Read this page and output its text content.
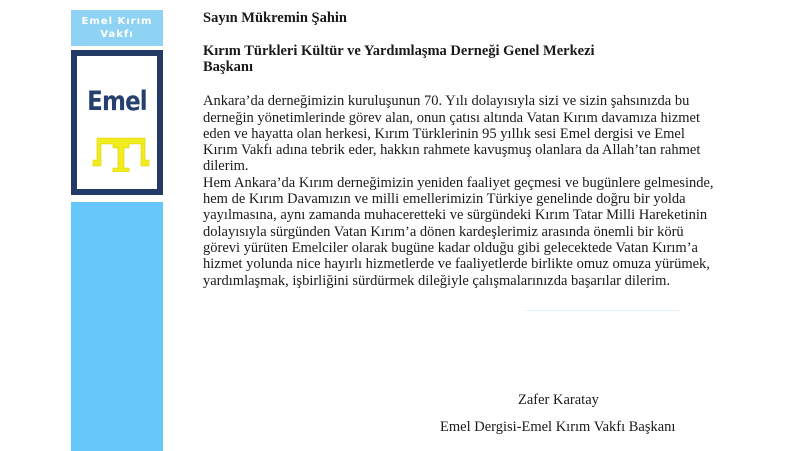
Emel Kırım
Vakfı
Emel

Sayın Mükremin Şahin

Kırım Türkleri Kültür ve Yardımlaşma Derneği Genel Merkezi
Başkanı

Ankara’da derneğimizin kuruluşunun 70. Yılı dolayısıyla sizi ve sizin şahsınızda bu
derneğin yönetimlerinde görev alan, onun çatısı altında Vatan Kırım davamıza hizmet
eden ve hayatta olan herkesi, Kırım Türklerinin 95 yıllık sesi Emel dergisi ve Emel
Kırım Vakfı adına tebrik eder, hakkın rahmete kavuşmuş olanlara da Allah’tan rahmet
dilerim.

Hem Ankara’da Kırım derneğimizin yeniden faaliyet geçmesi ve bugünlere gelmesinde,
hem de Kırım Davamızın ve milli emellerimizin Türkiye genelinde doğru bir yolda
yayılmasına, aynı zamanda muhaceretteki ve sürgündeki Kırım Tatar Milli Hareketinin
dolayısıyla sürgünden Vatan Kırım’a dönen kardeşlerimiz arasında önemli bir körü
görevi yürüten Emelciler olarak bugüne kadar olduğu gibi gelecektede Vatan Kırım’a
hizmet yolunda nice hayırlı hizmetlerde ve faaliyetlerde birlikte omuz omuza yürümek,
yardımlaşmak, işbirliğini sürdürmek dileğiyle çalışmalarınızda başarılar dilerim.

Zafer Karatay
Emel Dergisi-Emel Kırım Vakfı Başkanı
